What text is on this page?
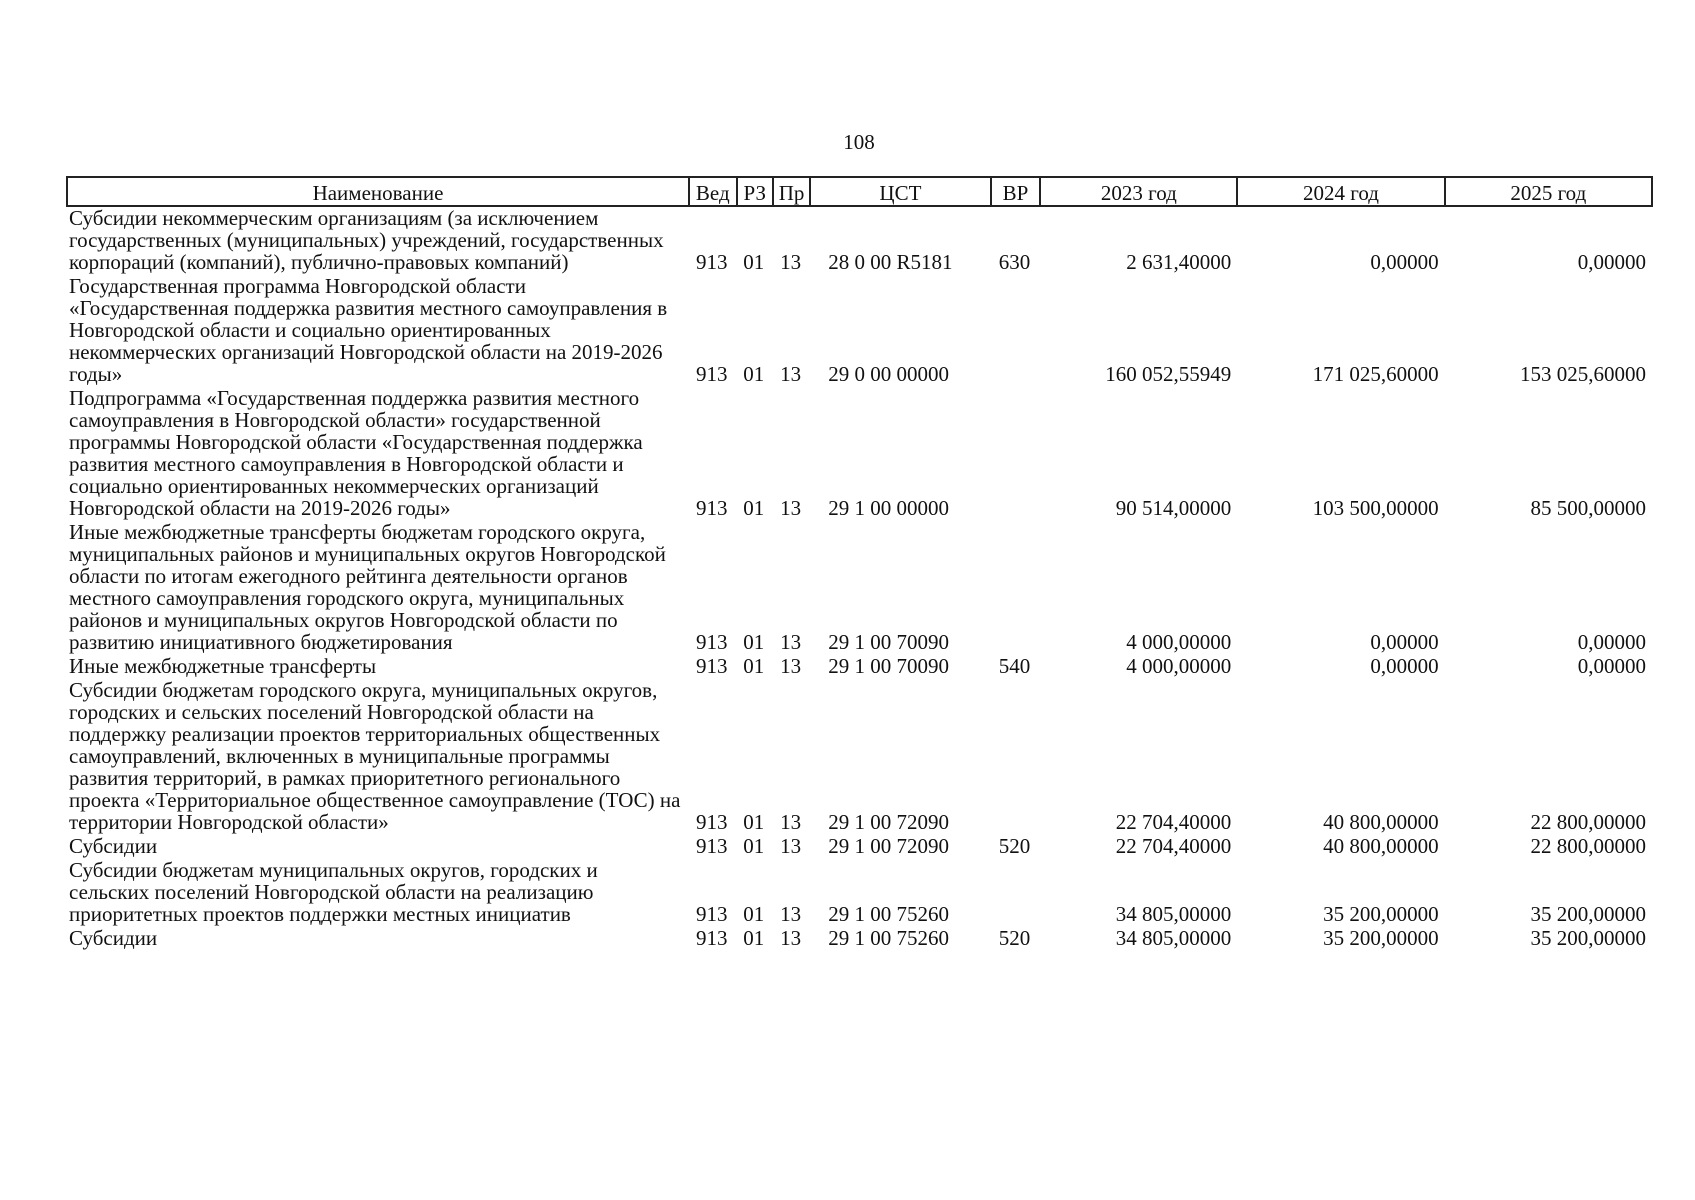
108
Наименование	Вед	РЗ	Пр	ЦСТ	ВР	2023 год	2024 год	2025 год
Субсидии некоммерческим организациям (за исключением государственных (муниципальных) учреждений, государственных корпораций (компаний), публично-правовых компаний)	913	01	13	28 0 00 R5181	630	2 631,40000	0,00000	0,00000
Государственная программа Новгородской области «Государственная поддержка развития местного самоуправления в Новгородской области и социально ориентированных некоммерческих организаций Новгородской области на 2019-2026 годы»	913	01	13	29 0 00 00000		160 052,55949	171 025,60000	153 025,60000
Подпрограмма «Государственная поддержка развития местного самоуправления в Новгородской области» государственной программы Новгородской области «Государственная поддержка развития местного самоуправления в Новгородской области и социально ориентированных некоммерческих организаций Новгородской области на 2019-2026 годы»	913	01	13	29 1 00 00000		90 514,00000	103 500,00000	85 500,00000
Иные межбюджетные трансферты бюджетам городского округа, муниципальных районов и муниципальных округов Новгородской области по итогам ежегодного рейтинга деятельности органов местного самоуправления городского округа, муниципальных районов и муниципальных округов Новгородской области по развитию инициативного бюджетирования	913	01	13	29 1 00 70090		4 000,00000	0,00000	0,00000
Иные межбюджетные трансферты	913	01	13	29 1 00 70090	540	4 000,00000	0,00000	0,00000
Субсидии бюджетам городского округа, муниципальных округов, городских и сельских поселений Новгородской области на поддержку реализации проектов территориальных общественных самоуправлений, включенных в муниципальные программы развития территорий, в рамках приоритетного регионального проекта «Территориальное общественное самоуправление (ТОС) на территории Новгородской области»	913	01	13	29 1 00 72090		22 704,40000	40 800,00000	22 800,00000
Субсидии	913	01	13	29 1 00 72090	520	22 704,40000	40 800,00000	22 800,00000
Субсидии бюджетам муниципальных округов, городских и сельских поселений Новгородской области на реализацию приоритетных проектов поддержки местных инициатив	913	01	13	29 1 00 75260		34 805,00000	35 200,00000	35 200,00000
Субсидии	913	01	13	29 1 00 75260	520	34 805,00000	35 200,00000	35 200,00000
